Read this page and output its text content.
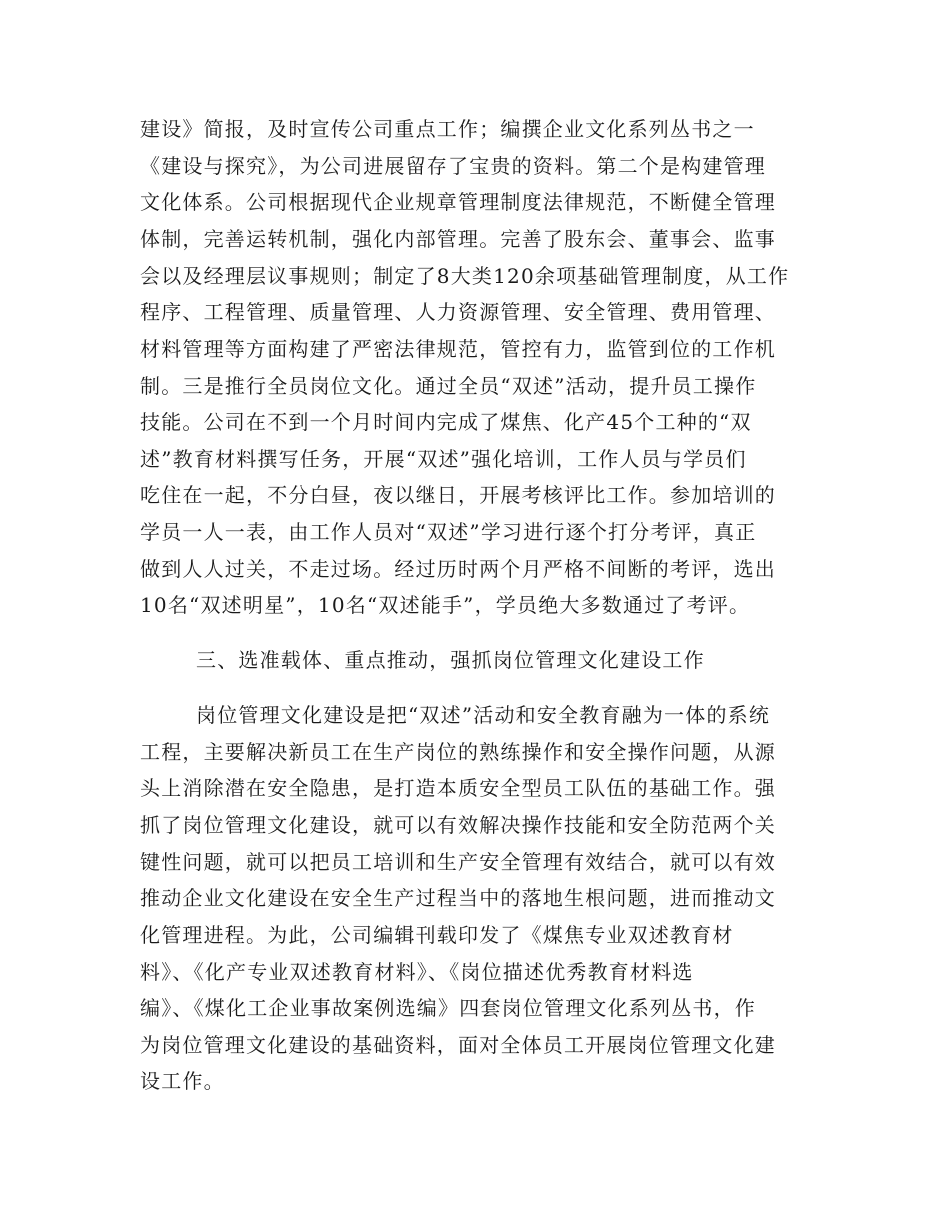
建设》简报，及时宣传公司重点工作；编撰企业文化系列丛书之一
《建设与探究》，为公司进展留存了宝贵的资料。第二个是构建管理
文化体系。公司根据现代企业规章管理制度法律规范，不断健全管理
体制，完善运转机制，强化内部管理。完善了股东会、董事会、监事
会以及经理层议事规则；制定了8大类120余项基础管理制度，从工作
程序、工程管理、质量管理、人力资源管理、安全管理、费用管理、
材料管理等方面构建了严密法律规范，管控有力，监管到位的工作机
制。三是推行全员岗位文化。通过全员“双述”活动，提升员工操作
技能。公司在不到一个月时间内完成了煤焦、化产45个工种的“双
述”教育材料撰写任务，开展“双述”强化培训，工作人员与学员们
吃住在一起，不分白昼，夜以继日，开展考核评比工作。参加培训的
学员一人一表，由工作人员对“双述”学习进行逐个打分考评，真正
做到人人过关，不走过场。经过历时两个月严格不间断的考评，选出
10名“双述明星”，10名“双述能手”，学员绝大多数通过了考评。
三、选准载体、重点推动，强抓岗位管理文化建设工作
岗位管理文化建设是把“双述”活动和安全教育融为一体的系统
工程，主要解决新员工在生产岗位的熟练操作和安全操作问题，从源
头上消除潜在安全隐患，是打造本质安全型员工队伍的基础工作。强
抓了岗位管理文化建设，就可以有效解决操作技能和安全防范两个关
键性问题，就可以把员工培训和生产安全管理有效结合，就可以有效
推动企业文化建设在安全生产过程当中的落地生根问题，进而推动文
化管理进程。为此，公司编辑刊载印发了《煤焦专业双述教育材
料》、《化产专业双述教育材料》、《岗位描述优秀教育材料选
编》、《煤化工企业事故案例选编》四套岗位管理文化系列丛书，作
为岗位管理文化建设的基础资料，面对全体员工开展岗位管理文化建
设工作。
